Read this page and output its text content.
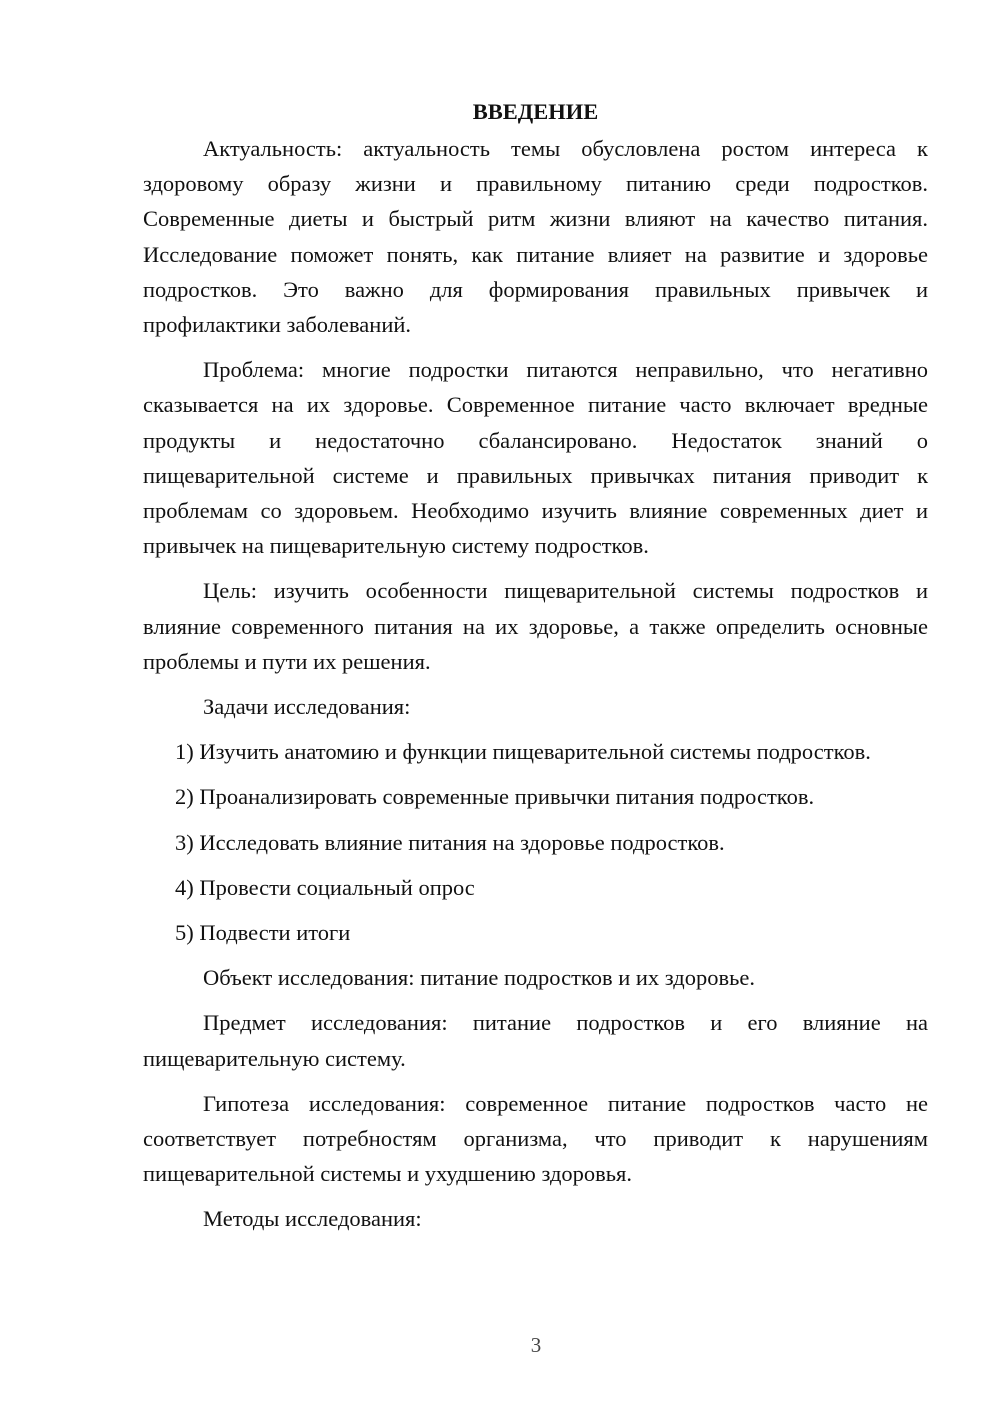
ВВЕДЕНИЕ

Актуальность: актуальность темы обусловлена ростом интереса к здоровому образу жизни и правильному питанию среди подростков. Современные диеты и быстрый ритм жизни влияют на качество питания. Исследование поможет понять, как питание влияет на развитие и здоровье подростков. Это важно для формирования правильных привычек и профилактики заболеваний.

Проблема: многие подростки питаются неправильно, что негативно сказывается на их здоровье. Современное питание часто включает вредные продукты и недостаточно сбалансировано. Недостаток знаний о пищеварительной системе и правильных привычках питания приводит к проблемам со здоровьем. Необходимо изучить влияние современных диет и привычек на пищеварительную систему подростков.

Цель: изучить особенности пищеварительной системы подростков и влияние современного питания на их здоровье, а также определить основные проблемы и пути их решения.

Задачи исследования:

1) Изучить анатомию и функции пищеварительной системы подростков.

2) Проанализировать современные привычки питания подростков.

3) Исследовать влияние питания на здоровье подростков.

4) Провести социальный опрос

5) Подвести итоги

Объект исследования: питание подростков и их здоровье.

Предмет исследования: питание подростков и его влияние на пищеварительную систему.

Гипотеза исследования: современное питание подростков часто не соответствует потребностям организма, что приводит к нарушениям пищеварительной системы и ухудшению здоровья.

Методы исследования:

3
